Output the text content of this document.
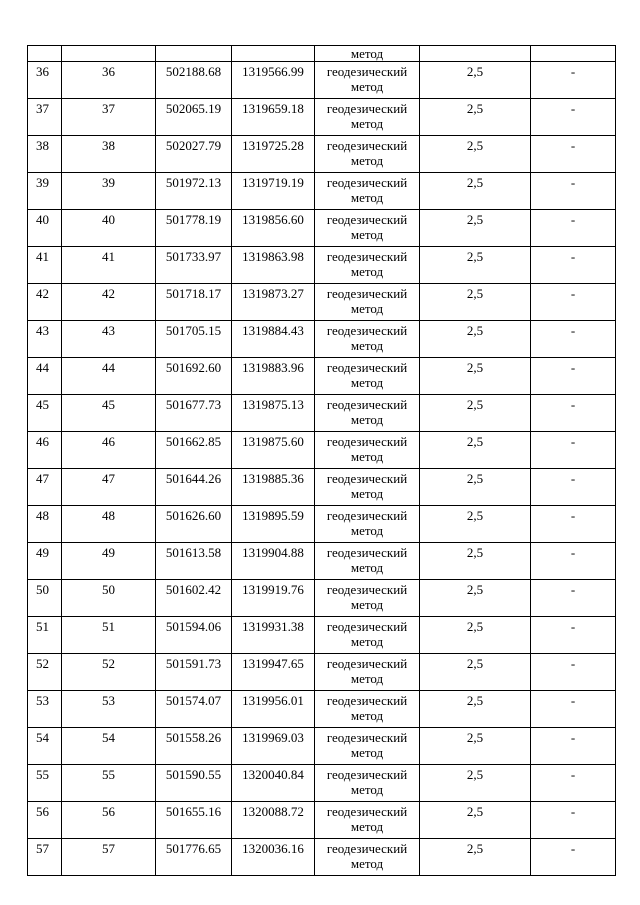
				метод		
36	36	502188.68	1319566.99	геодезический
метод	2,5	-
37	37	502065.19	1319659.18	геодезический
метод	2,5	-
38	38	502027.79	1319725.28	геодезический
метод	2,5	-
39	39	501972.13	1319719.19	геодезический
метод	2,5	-
40	40	501778.19	1319856.60	геодезический
метод	2,5	-
41	41	501733.97	1319863.98	геодезический
метод	2,5	-
42	42	501718.17	1319873.27	геодезический
метод	2,5	-
43	43	501705.15	1319884.43	геодезический
метод	2,5	-
44	44	501692.60	1319883.96	геодезический
метод	2,5	-
45	45	501677.73	1319875.13	геодезический
метод	2,5	-
46	46	501662.85	1319875.60	геодезический
метод	2,5	-
47	47	501644.26	1319885.36	геодезический
метод	2,5	-
48	48	501626.60	1319895.59	геодезический
метод	2,5	-
49	49	501613.58	1319904.88	геодезический
метод	2,5	-
50	50	501602.42	1319919.76	геодезический
метод	2,5	-
51	51	501594.06	1319931.38	геодезический
метод	2,5	-
52	52	501591.73	1319947.65	геодезический
метод	2,5	-
53	53	501574.07	1319956.01	геодезический
метод	2,5	-
54	54	501558.26	1319969.03	геодезический
метод	2,5	-
55	55	501590.55	1320040.84	геодезический
метод	2,5	-
56	56	501655.16	1320088.72	геодезический
метод	2,5	-
57	57	501776.65	1320036.16	геодезический
метод	2,5	-
